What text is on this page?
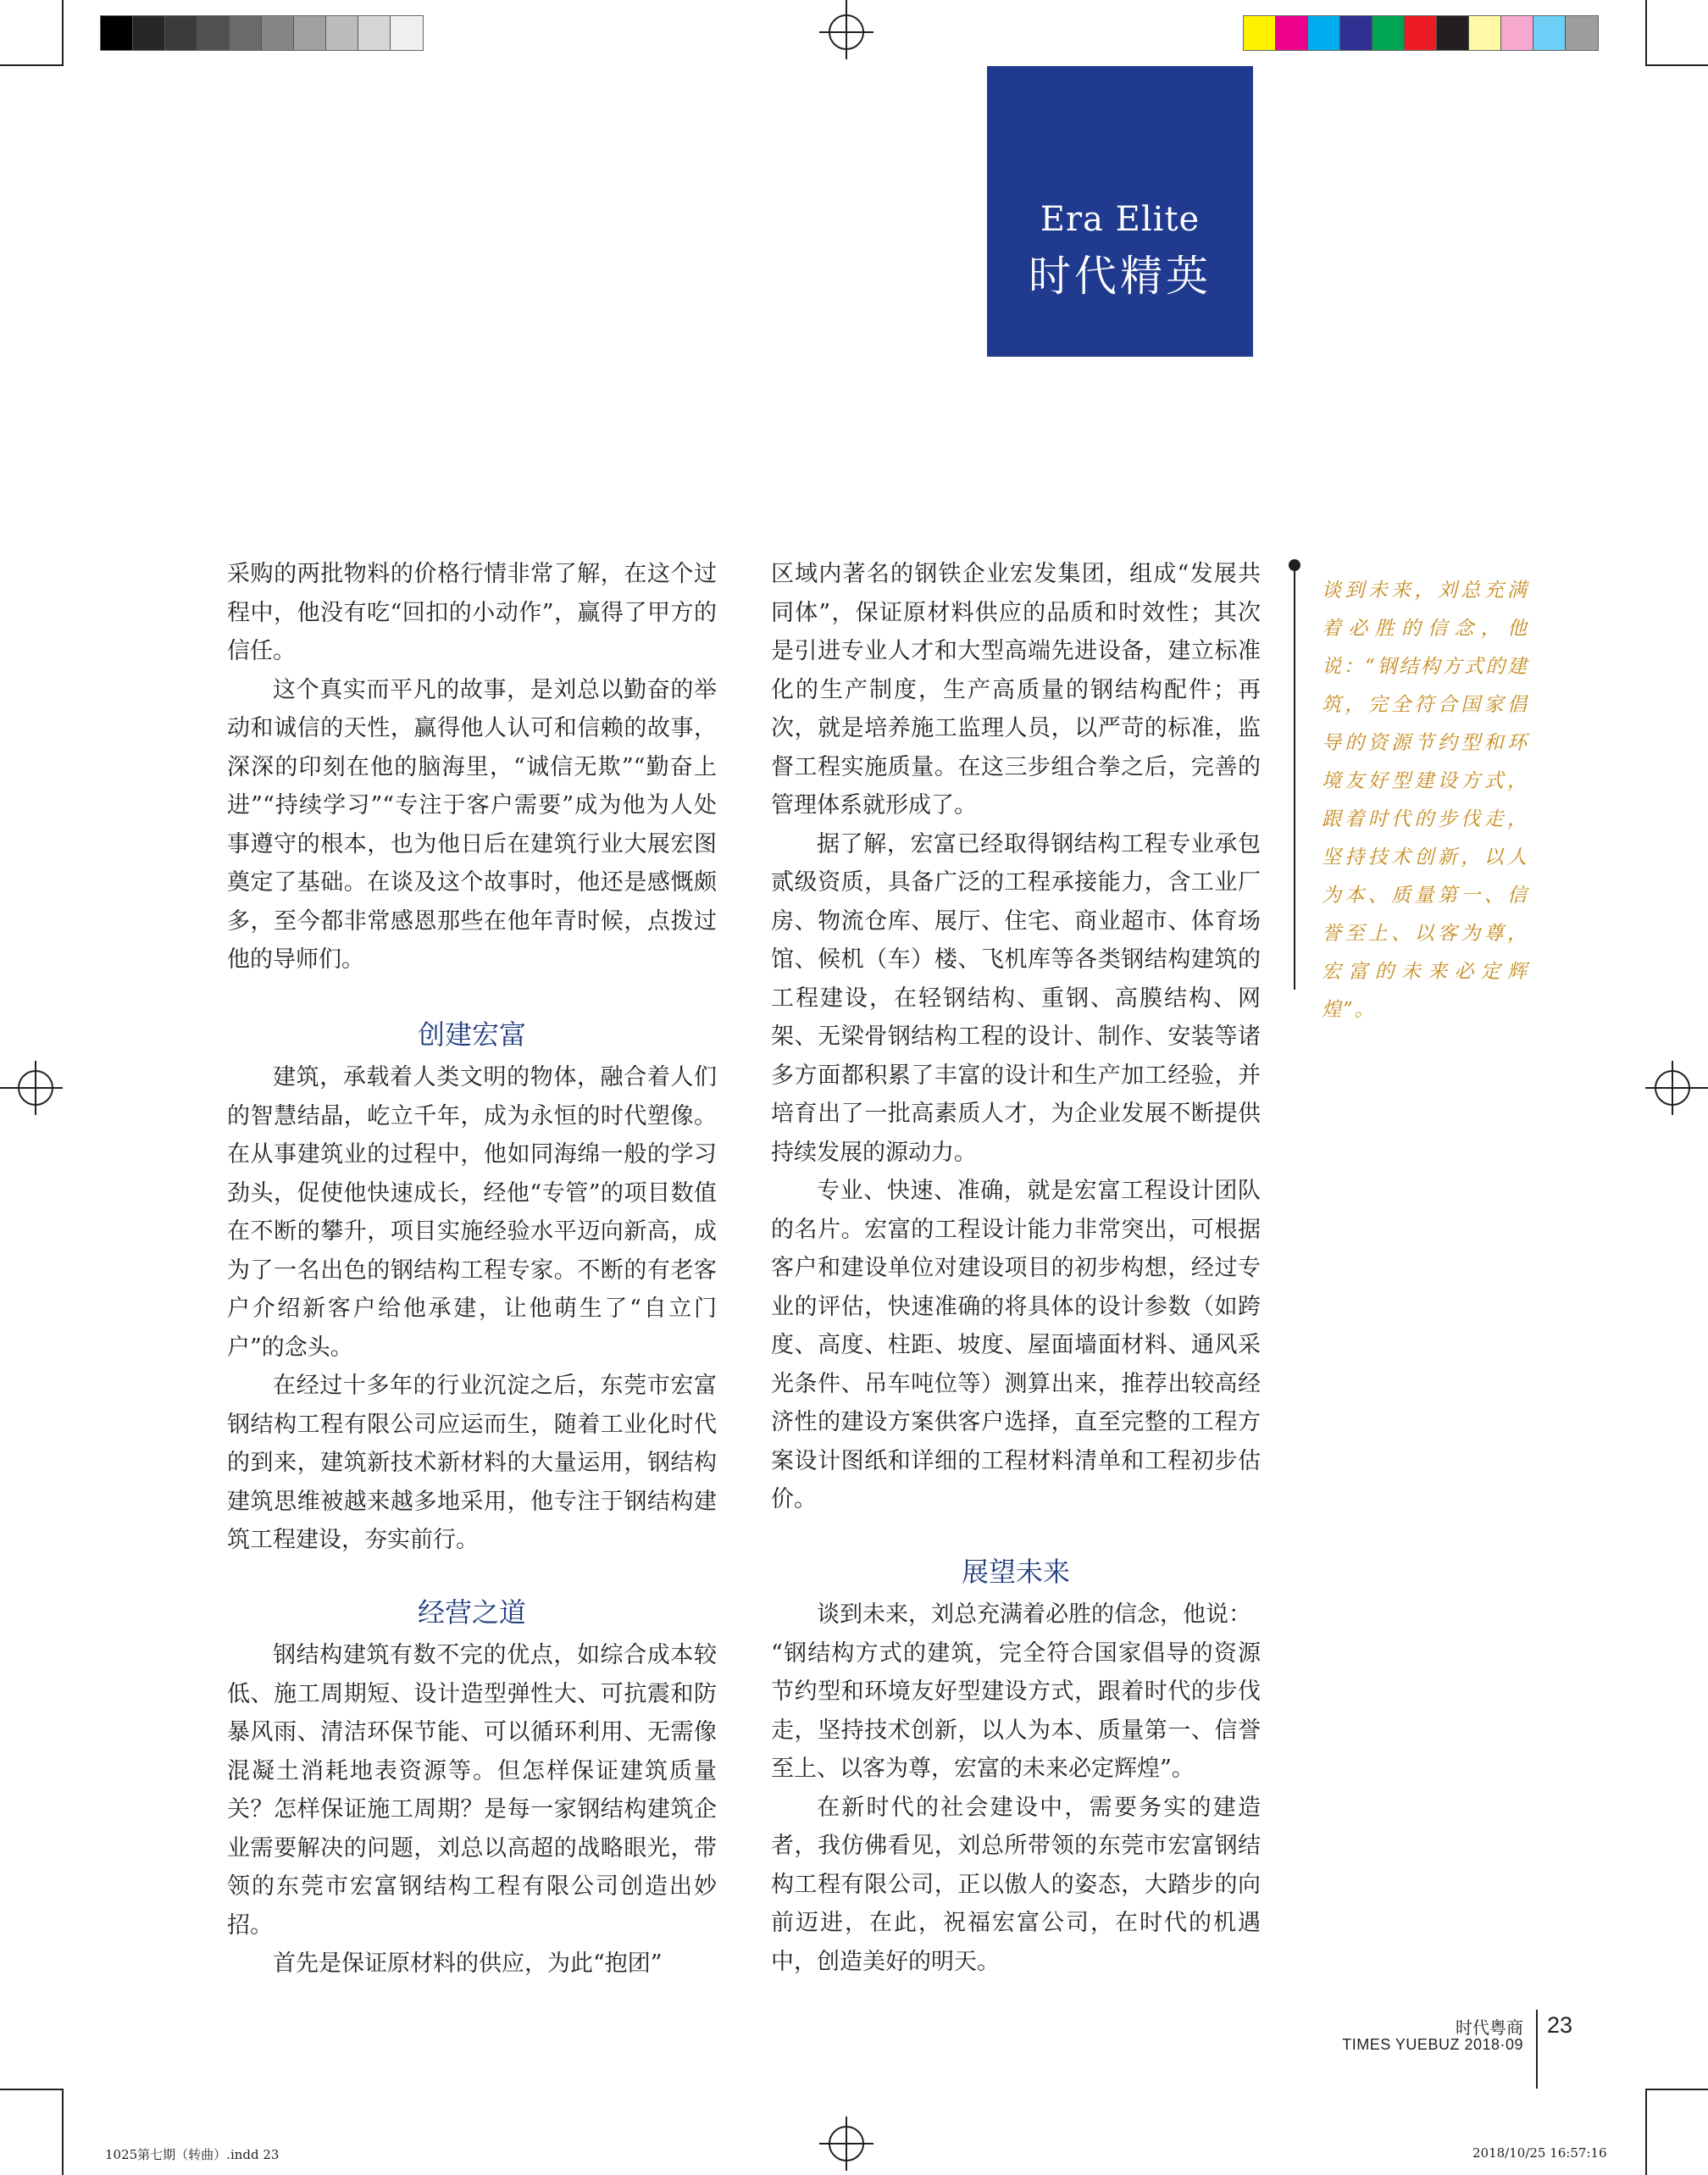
Era Elite
时代精英

采购的两批物料的价格行情非常了解，在这个过程中，他没有吃“回扣的小动作”，赢得了甲方的信任。

这个真实而平凡的故事，是刘总以勤奋的举动和诚信的天性，赢得他人认可和信赖的故事，深深的印刻在他的脑海里，“诚信无欺”“勤奋上进”“持续学习”“专注于客户需要”成为他为人处事遵守的根本，也为他日后在建筑行业大展宏图奠定了基础。在谈及这个故事时，他还是感慨颇多，至今都非常感恩那些在他年青时候，点拨过他的导师们。

创建宏富

建筑，承载着人类文明的物体，融合着人们的智慧结晶，屹立千年，成为永恒的时代塑像。在从事建筑业的过程中，他如同海绵一般的学习劲头，促使他快速成长，经他“专管”的项目数值在不断的攀升，项目实施经验水平迈向新高，成为了一名出色的钢结构工程专家。不断的有老客户介绍新客户给他承建，让他萌生了“自立门户”的念头。

在经过十多年的行业沉淀之后，东莞市宏富钢结构工程有限公司应运而生，随着工业化时代的到来，建筑新技术新材料的大量运用，钢结构建筑思维被越来越多地采用，他专注于钢结构建筑工程建设，夯实前行。

经营之道

钢结构建筑有数不完的优点，如综合成本较低、施工周期短、设计造型弹性大、可抗震和防暴风雨、清洁环保节能、可以循环利用、无需像混凝土消耗地表资源等。但怎样保证建筑质量关？怎样保证施工周期？是每一家钢结构建筑企业需要解决的问题，刘总以高超的战略眼光，带领的东莞市宏富钢结构工程有限公司创造出妙招。

首先是保证原材料的供应，为此“抱团”

区域内著名的钢铁企业宏发集团，组成“发展共同体”，保证原材料供应的品质和时效性；其次是引进专业人才和大型高端先进设备，建立标准化的生产制度，生产高质量的钢结构配件；再次，就是培养施工监理人员，以严苛的标准，监督工程实施质量。在这三步组合拳之后，完善的管理体系就形成了。

据了解，宏富已经取得钢结构工程专业承包贰级资质，具备广泛的工程承接能力，含工业厂房、物流仓库、展厅、住宅、商业超市、体育场馆、候机（车）楼、飞机库等各类钢结构建筑的工程建设，在轻钢结构、重钢、高膜结构、网架、无梁骨钢结构工程的设计、制作、安装等诸多方面都积累了丰富的设计和生产加工经验，并培育出了一批高素质人才，为企业发展不断提供持续发展的源动力。

专业、快速、准确，就是宏富工程设计团队的名片。宏富的工程设计能力非常突出，可根据客户和建设单位对建设项目的初步构想，经过专业的评估，快速准确的将具体的设计参数（如跨度、高度、柱距、坡度、屋面墙面材料、通风采光条件、吊车吨位等）测算出来，推荐出较高经济性的建设方案供客户选择，直至完整的工程方案设计图纸和详细的工程材料清单和工程初步估价。

展望未来

谈到未来，刘总充满着必胜的信念，他说：

“钢结构方式的建筑，完全符合国家倡导的资源节约型和环境友好型建设方式，跟着时代的步伐走，坚持技术创新，以人为本、质量第一、信誉至上、以客为尊，宏富的未来必定辉煌”。

在新时代的社会建设中，需要务实的建造者，我仿佛看见，刘总所带领的东莞市宏富钢结构工程有限公司，正以傲人的姿态，大踏步的向前迈进，在此，祝福宏富公司，在时代的机遇中，创造美好的明天。

谈到未来，刘总充满着必胜的信念，他说：“钢结构方式的建筑，完全符合国家倡导的资源节约型和环境友好型建设方式，跟着时代的步伐走，坚持技术创新，以人为本、质量第一、信誉至上、以客为尊，宏富的未来必定辉煌”。
时代粤商
TIMES YUEBUZ 2018·09
23
1025第七期（转曲）.indd 23	2018/10/25 16:57:16
